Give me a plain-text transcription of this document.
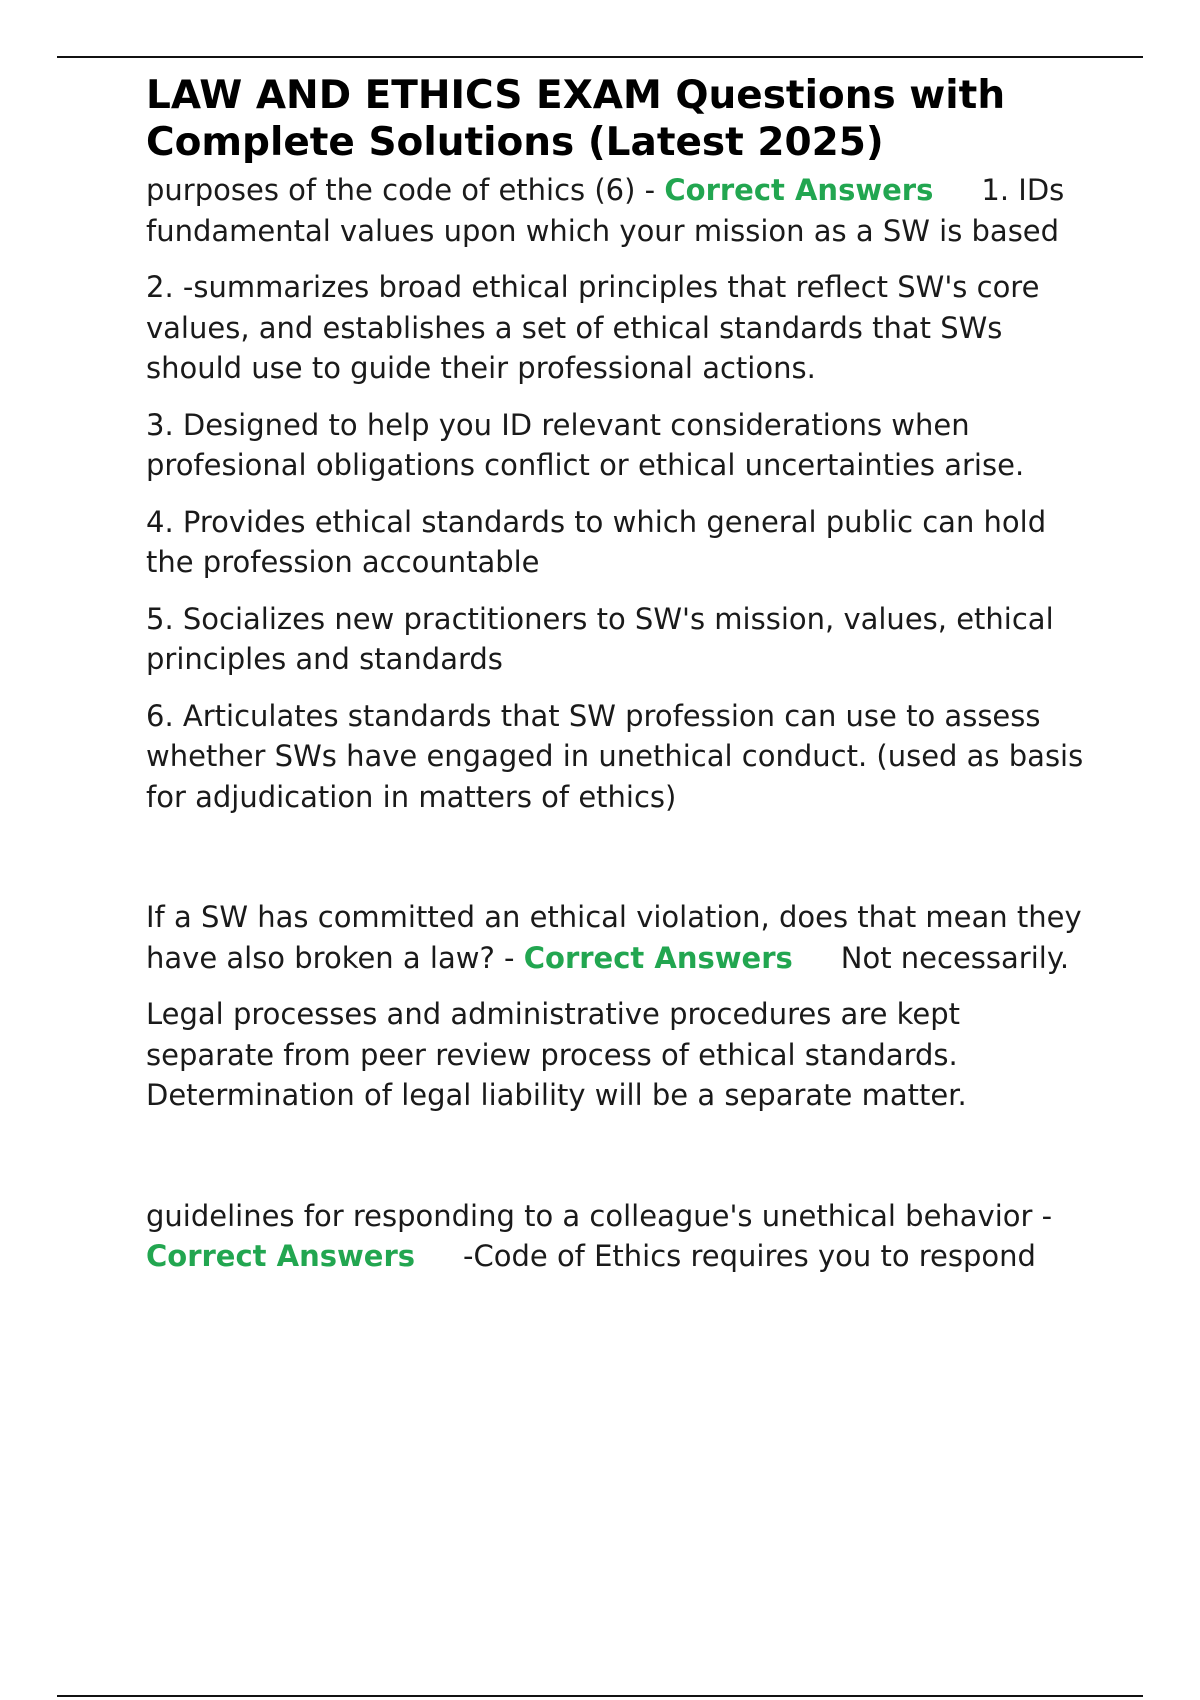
LAW AND ETHICS EXAM Questions with Complete Solutions (Latest 2025)

purposes of the code of ethics (6) - Correct Answers 1. IDs fundamental values upon which your mission as a SW is based

2. -summarizes broad ethical principles that reflect SW's core values, and establishes a set of ethical standards that SWs should use to guide their professional actions.

3. Designed to help you ID relevant considerations when profesional obligations conflict or ethical uncertainties arise.

4. Provides ethical standards to which general public can hold the profession accountable

5. Socializes new practitioners to SW's mission, values, ethical principles and standards

6. Articulates standards that SW profession can use to assess whether SWs have engaged in unethical conduct. (used as basis for adjudication in matters of ethics)

If a SW has committed an ethical violation, does that mean they have also broken a law? - Correct Answers Not necessarily.

Legal processes and administrative procedures are kept separate from peer review process of ethical standards. Determination of legal liability will be a separate matter.

guidelines for responding to a colleague's unethical behavior - Correct Answers -Code of Ethics requires you to respond
